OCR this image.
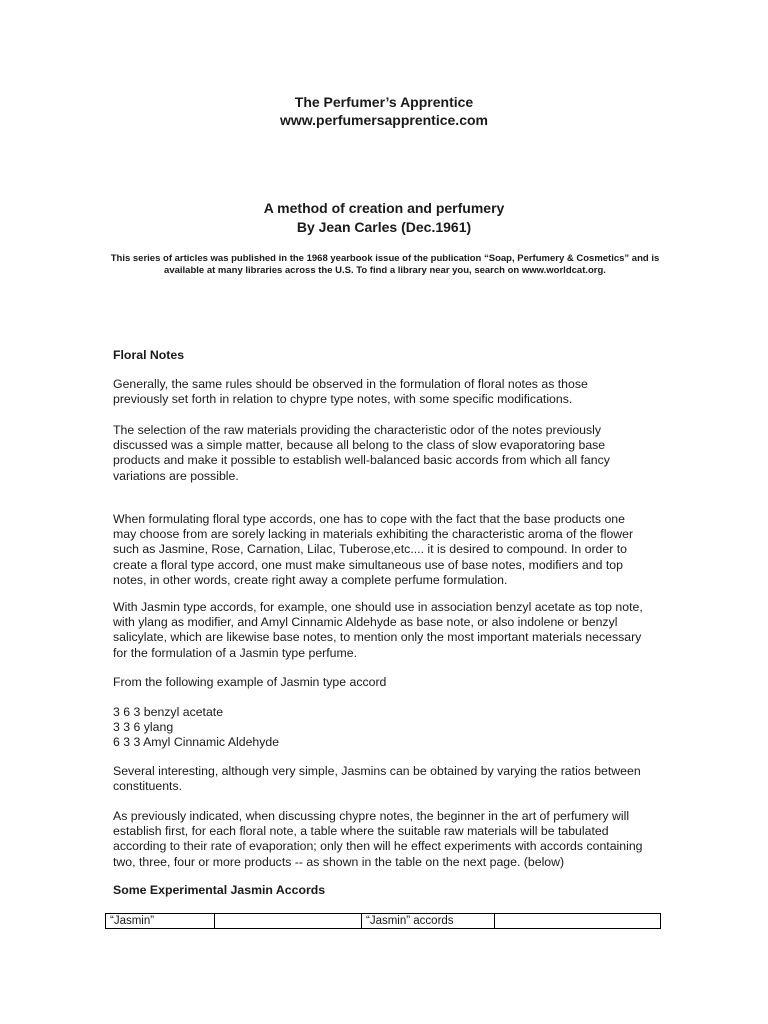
The Perfumer’s Apprentice
www.perfumersapprentice.com
A method of creation and perfumery
By Jean Carles (Dec.1961)
This series of articles was published in the 1968 yearbook issue of the publication “Soap, Perfumery & Cosmetics” and is available at many libraries across the U.S. To find a library near you, search on www.worldcat.org.
Floral Notes
Generally, the same rules should be observed in the formulation of floral notes as those
previously set forth in relation to chypre type notes, with some specific modifications.
The selection of the raw materials providing the characteristic odor of the notes previously
discussed was a simple matter, because all belong to the class of slow evaporatoring base
products and make it possible to establish well-balanced basic accords from which all fancy
variations are possible.
When formulating floral type accords, one has to cope with the fact that the base products one
may choose from are sorely lacking in materials exhibiting the characteristic aroma of the flower
such as Jasmine, Rose, Carnation, Lilac, Tuberose,etc.... it is desired to compound. In order to
create a floral type accord, one must make simultaneous use of base notes, modifiers and top
notes, in other words, create right away a complete perfume formulation.
With Jasmin type accords, for example, one should use in association benzyl acetate as top note,
with ylang as modifier, and Amyl Cinnamic Aldehyde as base note, or also indolene or benzyl
salicylate, which are likewise base notes, to mention only the most important materials necessary
for the formulation of a Jasmin type perfume.
From the following example of Jasmin type accord
3 6 3 benzyl acetate
3 3 6 ylang
6 3 3 Amyl Cinnamic Aldehyde
Several interesting, although very simple, Jasmins can be obtained by varying the ratios between
constituents.
As previously indicated, when discussing chypre notes, the beginner in the art of perfumery will
establish first, for each floral note, a table where the suitable raw materials will be tabulated
according to their rate of evaporation; only then will he effect experiments with accords containing
two, three, four or more products -- as shown in the table on the next page. (below)
Some Experimental Jasmin Accords
“Jasmin”		“Jasmin” accords	
